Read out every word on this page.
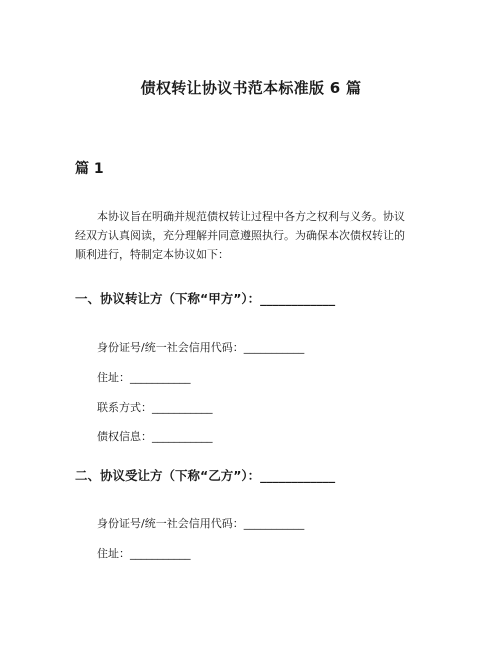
债权转让协议书范本标准版 6 篇
篇 1
本协议旨在明确并规范债权转让过程中各方之权利与义务。协议
经双方认真阅读，充分理解并同意遵照执行。为确保本次债权转让的
顺利进行，特制定本协议如下：
一、协议转让方（下称“甲方”）：____________
身份证号/统一社会信用代码：___________
住址：___________
联系方式：___________
债权信息：___________
二、协议受让方（下称“乙方”）：____________
身份证号/统一社会信用代码：___________
住址：___________
